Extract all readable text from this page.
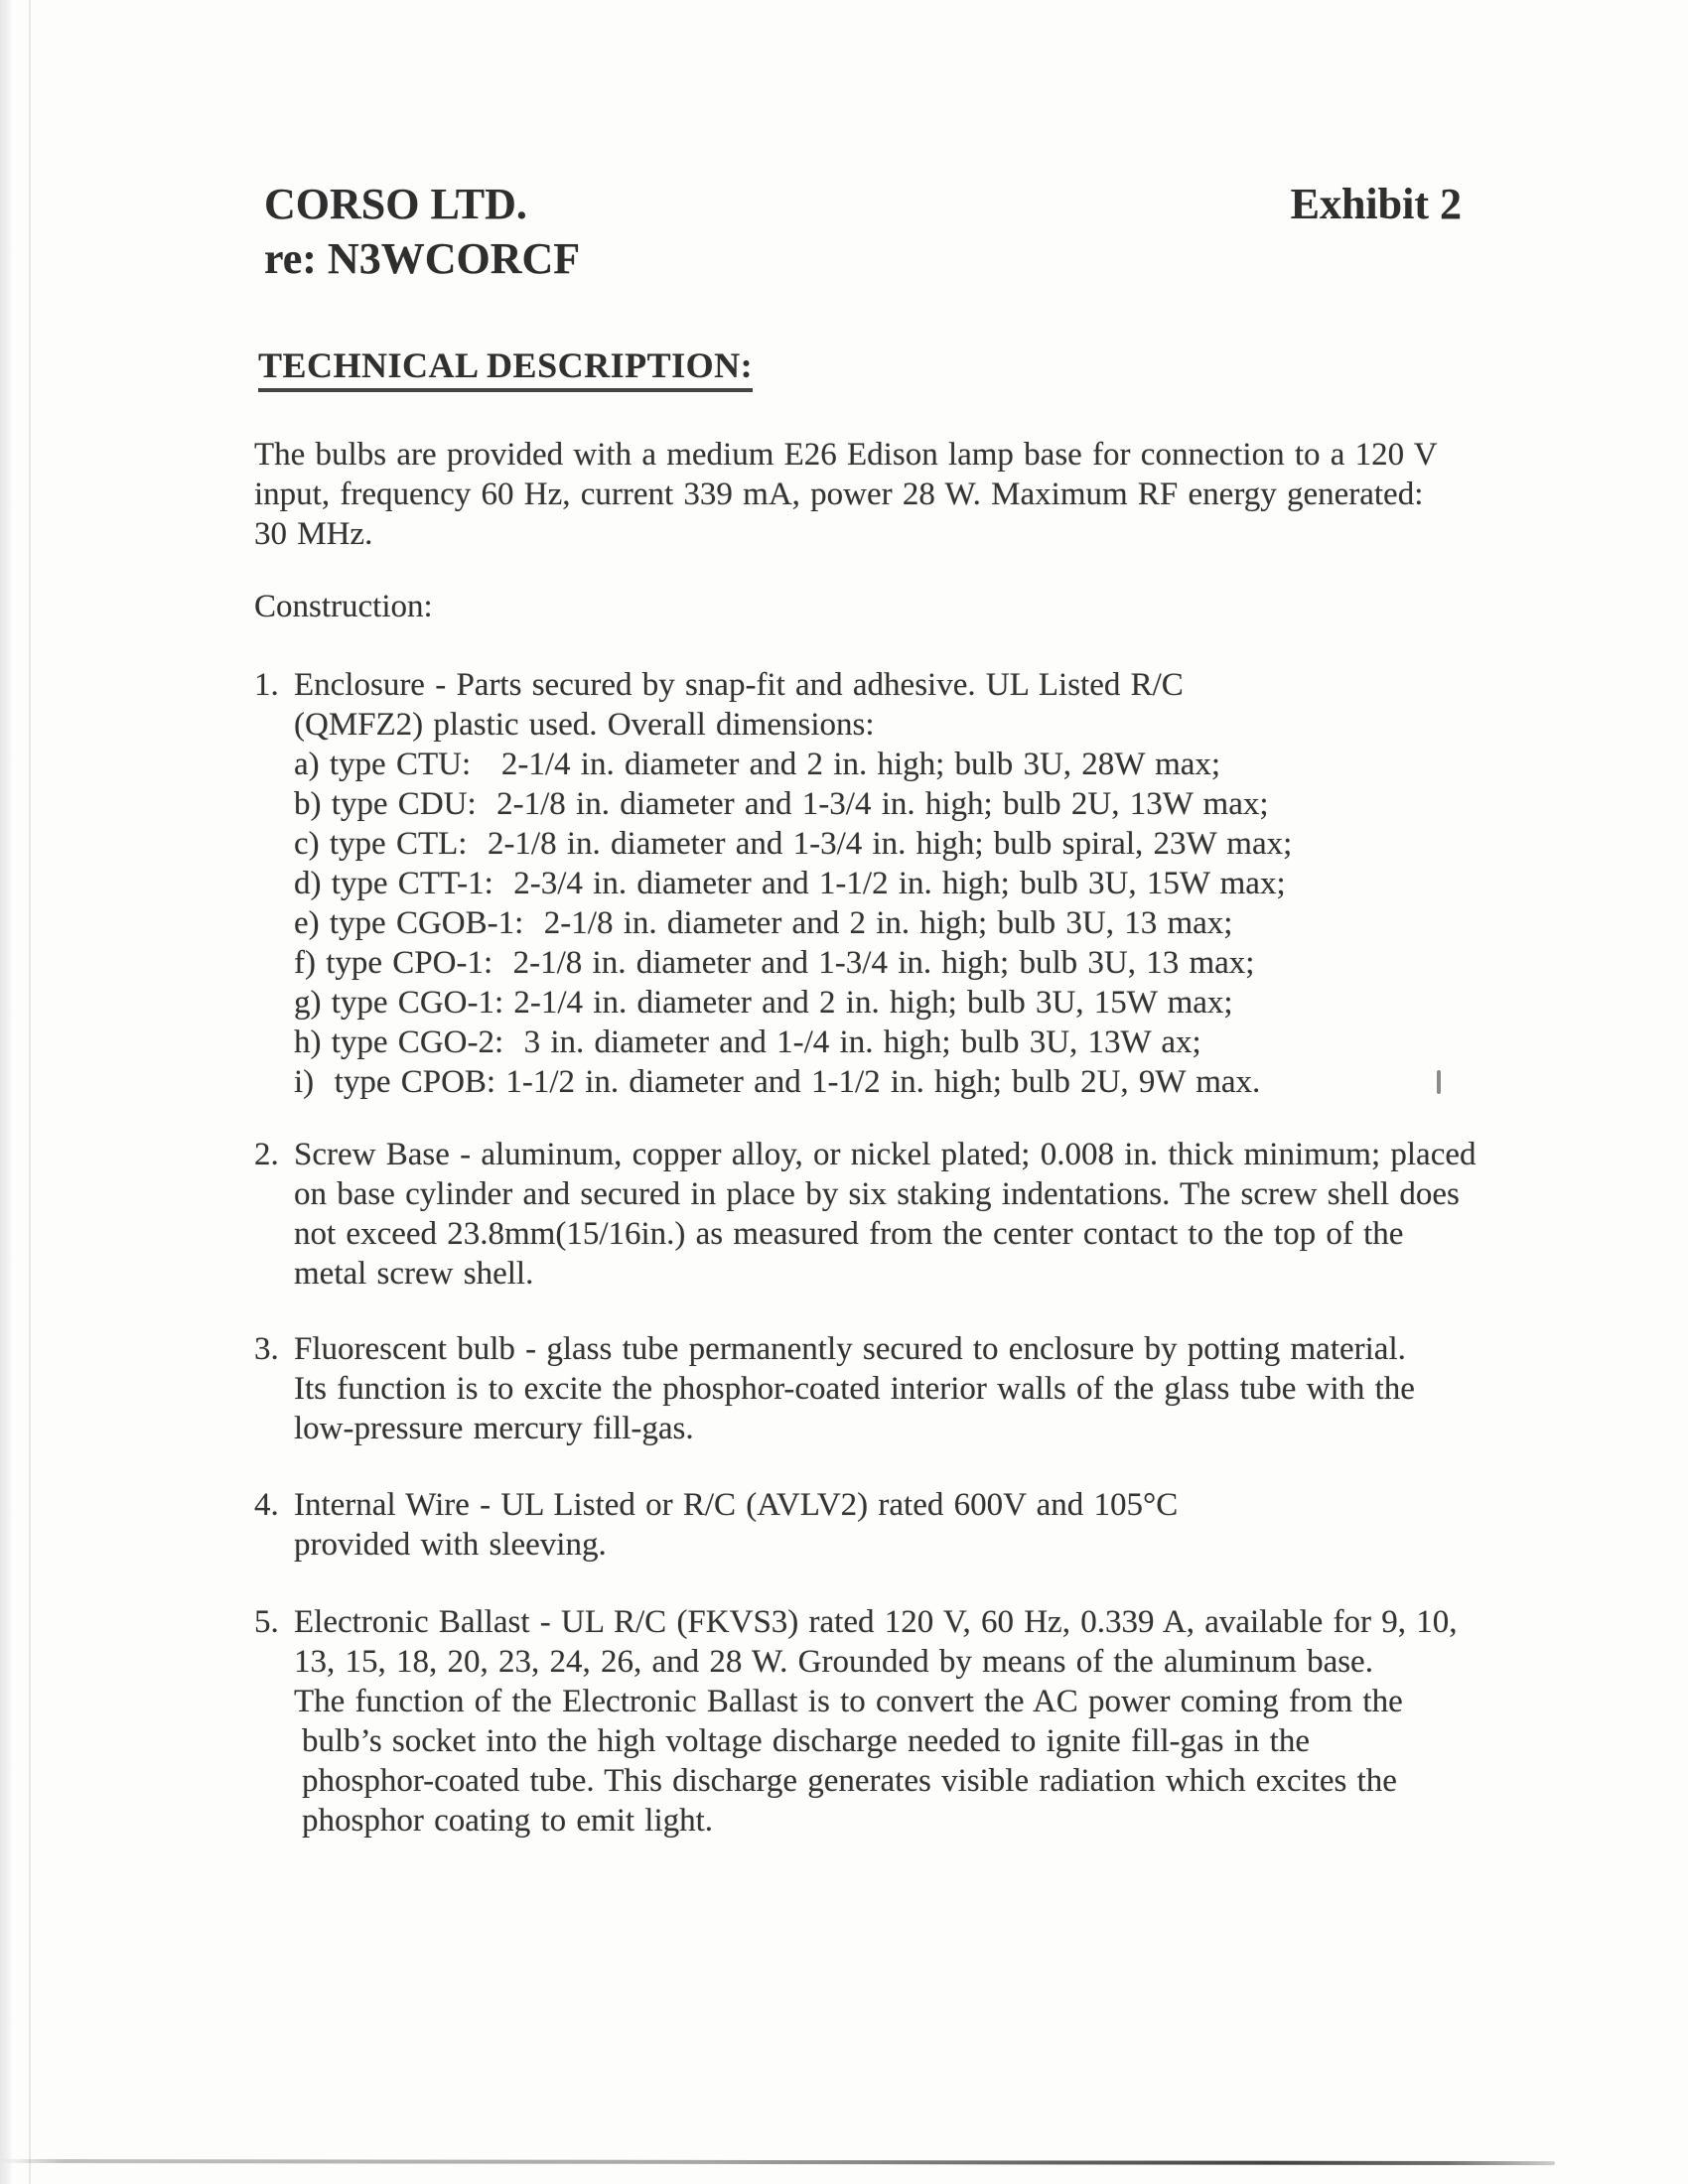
CORSO LTD.
re: N3WCORCF
Exhibit 2
TECHNICAL DESCRIPTION:
The bulbs are provided with a medium E26 Edison lamp base for connection to a 120 V
input, frequency 60 Hz, current 339 mA, power 28 W. Maximum RF energy generated:
30 MHz.
Construction:
1. Enclosure - Parts secured by snap-fit and adhesive. UL Listed R/C
(QMFZ2) plastic used. Overall dimensions:
a) type CTU:   2-1/4 in. diameter and 2 in. high; bulb 3U, 28W max;
b) type CDU:  2-1/8 in. diameter and 1-3/4 in. high; bulb 2U, 13W max;
c) type CTL:  2-1/8 in. diameter and 1-3/4 in. high; bulb spiral, 23W max;
d) type CTT-1:  2-3/4 in. diameter and 1-1/2 in. high; bulb 3U, 15W max;
e) type CGOB-1:  2-1/8 in. diameter and 2 in. high; bulb 3U, 13 max;
f) type CPO-1:  2-1/8 in. diameter and 1-3/4 in. high; bulb 3U, 13 max;
g) type CGO-1: 2-1/4 in. diameter and 2 in. high; bulb 3U, 15W max;
h) type CGO-2:  3 in. diameter and 1-/4 in. high; bulb 3U, 13W ax;
i)  type CPOB: 1-1/2 in. diameter and 1-1/2 in. high; bulb 2U, 9W max.
2. Screw Base - aluminum, copper alloy, or nickel plated; 0.008 in. thick minimum; placed
on base cylinder and secured in place by six staking indentations. The screw shell does
not exceed 23.8mm(15/16in.) as measured from the center contact to the top of the
metal screw shell.
3. Fluorescent bulb - glass tube permanently secured to enclosure by potting material.
Its function is to excite the phosphor-coated interior walls of the glass tube with the
low-pressure mercury fill-gas.
4. Internal Wire - UL Listed or R/C (AVLV2) rated 600V and 105°C
provided with sleeving.
5. Electronic Ballast - UL R/C (FKVS3) rated 120 V, 60 Hz, 0.339 A, available for 9, 10,
13, 15, 18, 20, 23, 24, 26, and 28 W. Grounded by means of the aluminum base.
The function of the Electronic Ballast is to convert the AC power coming from the
bulb’s socket into the high voltage discharge needed to ignite fill-gas in the
phosphor-coated tube. This discharge generates visible radiation which excites the
phosphor coating to emit light.
